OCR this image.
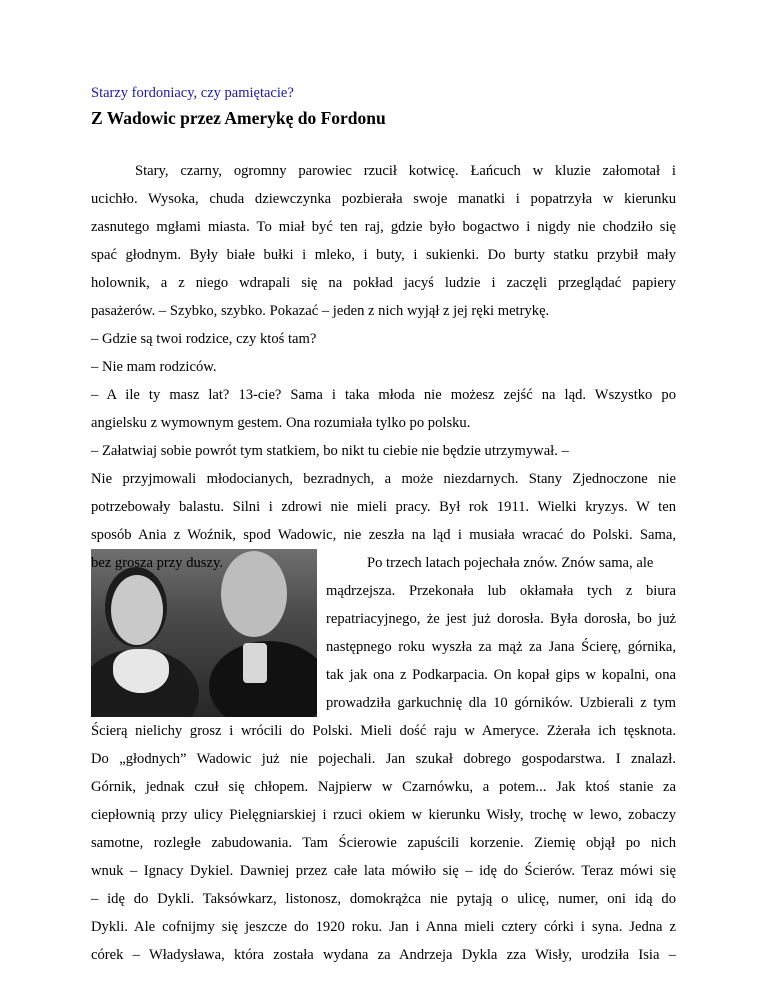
Starzy fordoniacy, czy pamiętacie?
Z Wadowic przez Amerykę do Fordonu
Stary, czarny, ogromny parowiec rzucił kotwicę. Łańcuch w kluzie załomotał i
ucichło. Wysoka, chuda dziewczynka pozbierała swoje manatki i popatrzyła w kierunku
zasnutego mgłami miasta. To miał być ten raj, gdzie było bogactwo i nigdy nie chodziło się
spać głodnym. Były białe bułki i mleko, i buty, i sukienki. Do burty statku przybił mały
holownik, a z niego wdrapali się na pokład jacyś ludzie i zaczęli przeglądać papiery
pasażerów. – Szybko, szybko. Pokazać – jeden z nich wyjął z jej ręki metrykę.
– Gdzie są twoi rodzice, czy ktoś tam?
– Nie mam rodziców.
– A ile ty masz lat? 13-cie? Sama i taka młoda nie możesz zejść na ląd. Wszystko po
angielsku z wymownym gestem. Ona rozumiała tylko po polsku.
– Załatwiaj sobie powrót tym statkiem, bo nikt tu ciebie nie będzie utrzymywał. –
Nie przyjmowali młodocianych, bezradnych, a może niezdarnych. Stany Zjednoczone nie
potrzebowały balastu. Silni i zdrowi nie mieli pracy. Był rok 1911. Wielki kryzys. W ten
sposób Ania z Woźnik, spod Wadowic, nie zeszła na ląd i musiała wracać do Polski. Sama,
bez grosza przy duszy.	Po trzech latach pojechała znów. Znów sama, ale
mądrzejsza. Przekonała lub okłamała tych z biura
repatriacyjnego, że jest już dorosła. Była dorosła, bo już
następnego roku wyszła za mąż za Jana Ścierę, górnika,
tak jak ona z Podkarpacia. On kopał gips w kopalni, ona
prowadziła garkuchnię dla 10 górników. Uzbierali z tym
Ścierą nielichy grosz i wrócili do Polski. Mieli dość raju w Ameryce. Zżerała ich tęsknota.
Do „głodnych” Wadowic już nie pojechali. Jan szukał dobrego gospodarstwa. I znalazł.
Górnik, jednak czuł się chłopem. Najpierw w Czarnówku, a potem... Jak ktoś stanie za
ciepłownią przy ulicy Pielęgniarskiej i rzuci okiem w kierunku Wisły, trochę w lewo, zobaczy
samotne, rozległe zabudowania. Tam Ścierowie zapuścili korzenie. Ziemię objął po nich
wnuk – Ignacy Dykiel. Dawniej przez całe lata mówiło się – idę do Ścierów. Teraz mówi się
– idę do Dykli. Taksówkarz, listonosz, domokrążca nie pytają o ulicę, numer, oni idą do
Dykli. Ale cofnijmy się jeszcze do 1920 roku. Jan i Anna mieli cztery córki i syna. Jedna z
córek – Władysława, która została wydana za Andrzeja Dykla zza Wisły, urodziła Isia –
